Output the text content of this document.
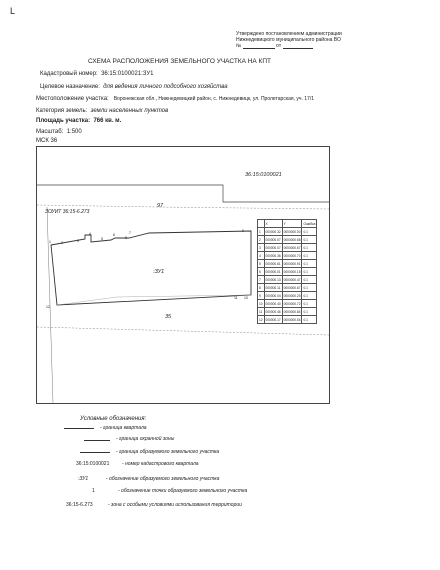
L
Утверждено постановлением администрации
Нижнедевицкого муниципального района ВО
№	от
СХЕМА РАСПОЛОЖЕНИЯ ЗЕМЕЛЬНОГО УЧАСТКА НА КПТ
Кадастровый номер: 36:15:0100021:ЗУ1
Целевое назначение: для ведения личного подсобного хозяйства
Местоположение участка: Воронежская обл., Нижнедевицкий район, с. Нижнедевицк, ул. Пролетарская, уч. 17/1
Категория земель: земли населенных пунктов
Площадь участка: 766 кв. м.
Масштаб: 1:500
МСК 36
36:15:0100021
ЗОУИТ 36:15-6.273
97
35
:ЗУ1
1	2	3
4
5
6	7
8
9
10
11
12
	X	Y	Ошибка
1	000000.32	0000000.00	0.1
2	000000.07	0000000.68	0.1
3	000000.07	0000000.67	0.1
4	000000.36	0000000.70	0.1
5	000000.61	0000000.91	0.1
6	000000.01	0000000.15	0.1
7	000000.13	0000000.47	0.1
8	000000.11	0000000.67	0.1
9	000000.04	0000000.25	0.1
10	000000.40	0000000.72	0.1
11	000000.46	0000000.84	0.1
12	000000.17	0000000.54	0.1
Условные обозначения:
- граница квартала
- граница охранной зоны
- граница образуемого земельного участка
36:15:0100021	- номер кадастрового квартала
:ЗУ1	- обозначение образуемого земельного участка
1	- обозначение точки образуемого земельного участка
36:15-6.273	- зона с особыми условиями использования территории
